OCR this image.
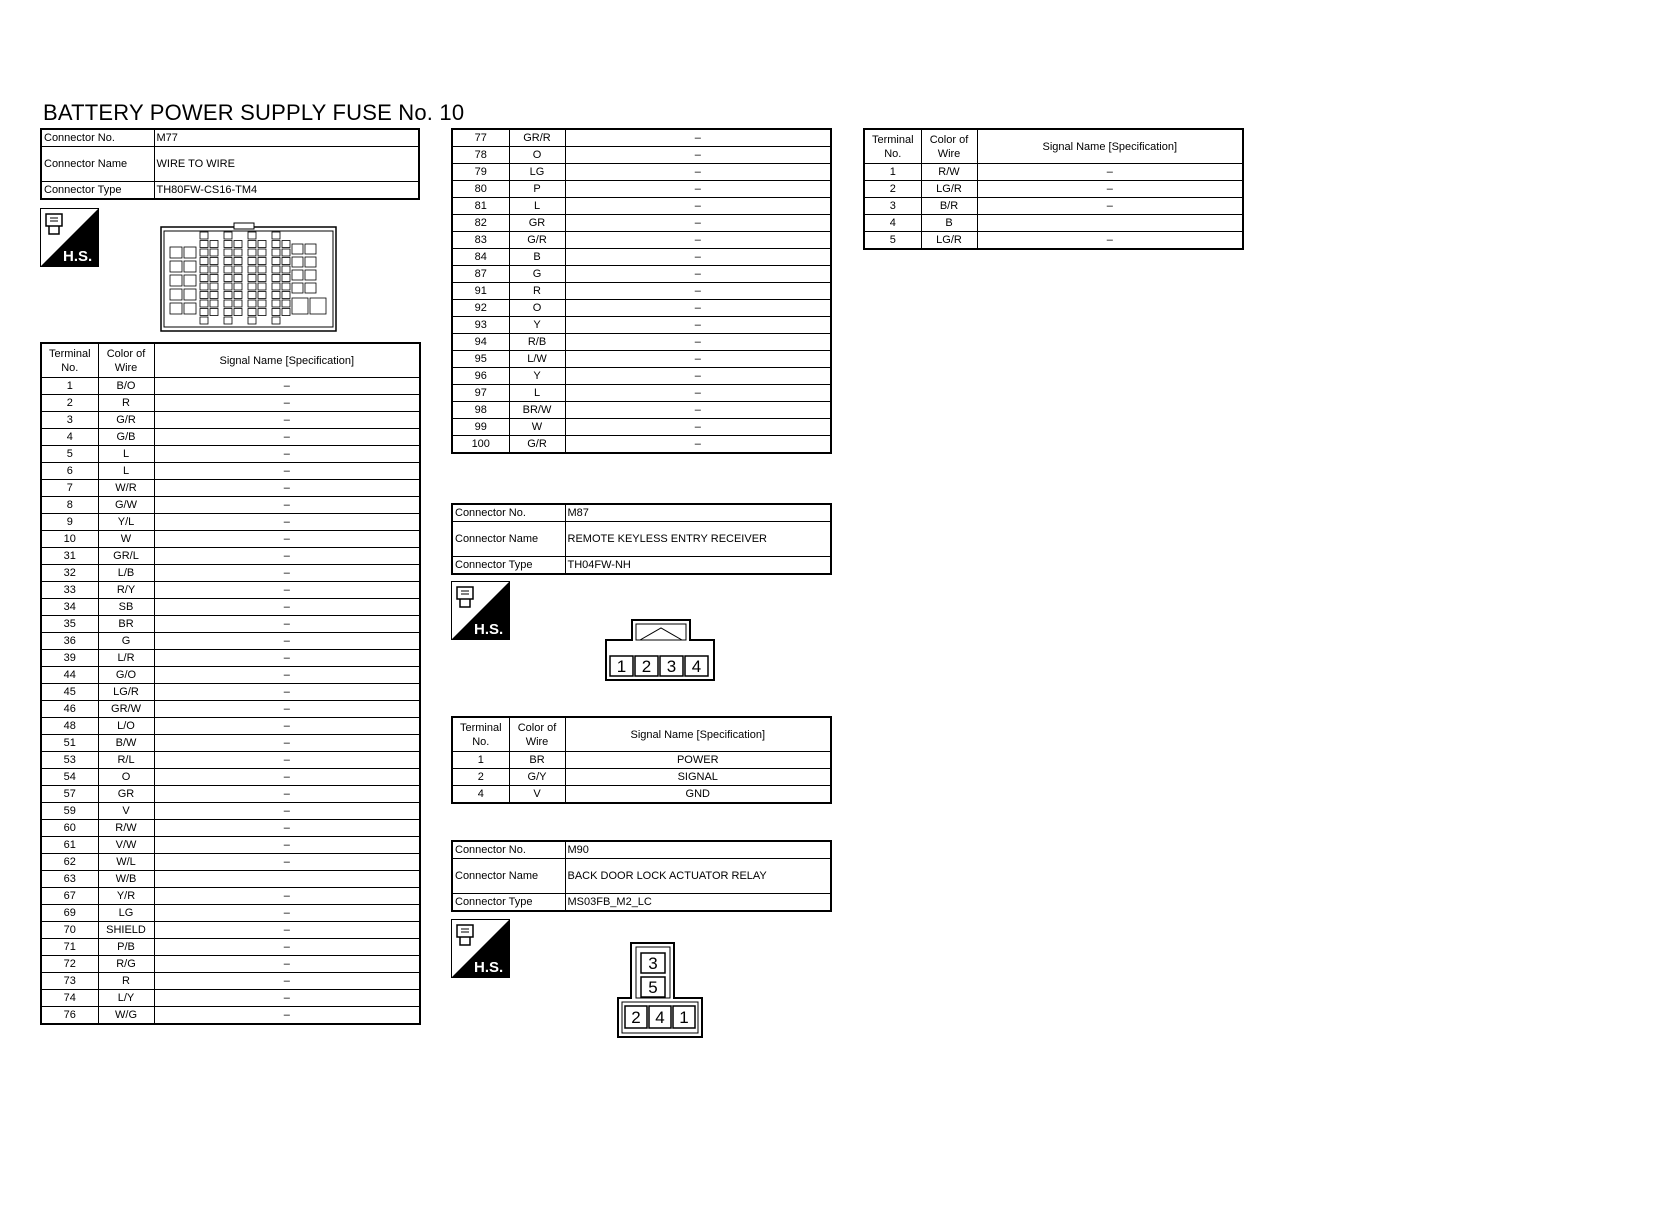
BATTERY POWER SUPPLY FUSE No. 10
Connector No.	M77
Connector Name	WIRE TO WIRE
Connector Type	TH80FW-CS16-TM4
H.S.
Terminal No.	Color of Wire	Signal Name [Specification]
1	B/O	–
2	R	–
3	G/R	–
4	G/B	–
5	L	–
6	L	–
7	W/R	–
8	G/W	–
9	Y/L	–
10	W	–
31	GR/L	–
32	L/B	–
33	R/Y	–
34	SB	–
35	BR	–
36	G	–
39	L/R	–
44	G/O	–
45	LG/R	–
46	GR/W	–
48	L/O	–
51	B/W	–
53	R/L	–
54	O	–
57	GR	–
59	V	–
60	R/W	–
61	V/W	–
62	W/L	–
63	W/B	
67	Y/R	–
69	LG	–
70	SHIELD	–
71	P/B	–
72	R/G	–
73	R	–
74	L/Y	–
76	W/G	–
77	GR/R	–
78	O	–
79	LG	–
80	P	–
81	L	–
82	GR	–
83	G/R	–
84	B	–
87	G	–
91	R	–
92	O	–
93	Y	–
94	R/B	–
95	L/W	–
96	Y	–
97	L	–
98	BR/W	–
99	W	–
100	G/R	–
Connector No.	M87
Connector Name	REMOTE KEYLESS ENTRY RECEIVER
Connector Type	TH04FW-NH
H.S.
1 2 3 4
Terminal No.	Color of Wire	Signal Name [Specification]
1	BR	POWER
2	G/Y	SIGNAL
4	V	GND
Connector No.	M90
Connector Name	BACK DOOR LOCK ACTUATOR RELAY
Connector Type	MS03FB_M2_LC
H.S.	3
5
2 4 1
Terminal No.	Color of Wire	Signal Name [Specification]
1	R/W	–
2	LG/R	–
3	B/R	–
4	B	
5	LG/R	–
